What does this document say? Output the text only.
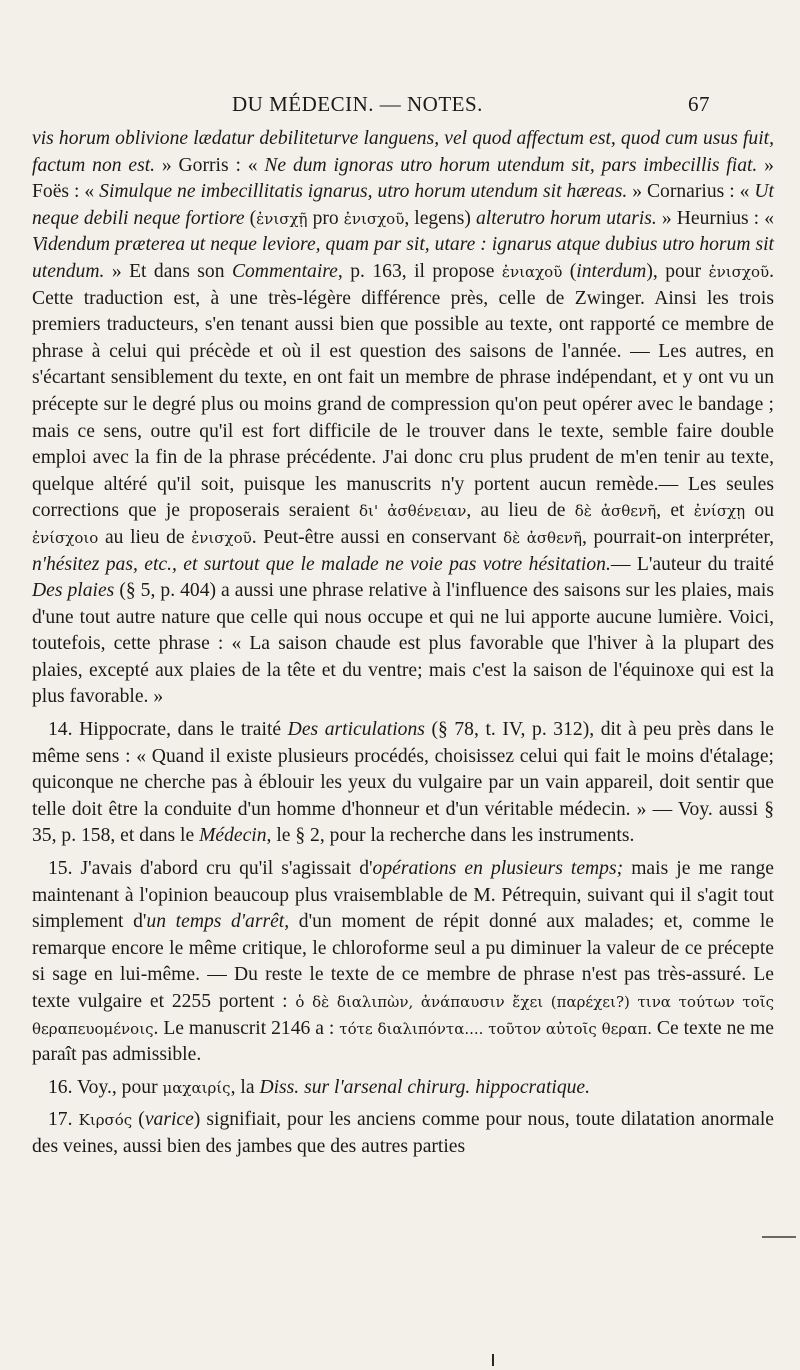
DU MÉDECIN. — NOTES.	67

vis horum oblivione lædatur debiliteturve languens, vel quod affectum est, quod cum usus fuit, factum non est. » Gorris : « Ne dum ignoras utro horum utendum sit, pars imbecillis fiat. » Foës : « Simulque ne imbecillitatis ignarus, utro horum utendum sit hæreas. » Cornarius : « Ut neque debili neque fortiore (ἐνισχῇ pro ἐνισχοῦ, legens) alterutro horum utaris. » Heurnius : « Videndum præterea ut neque leviore, quam par sit, utare : ignarus atque dubius utro horum sit utendum. » Et dans son Commentaire, p. 163, il propose ἐνιαχοῦ (interdum), pour ἐνισχοῦ. Cette traduction est, à une très-légère différence près, celle de Zwinger. Ainsi les trois premiers traducteurs, s'en tenant aussi bien que possible au texte, ont rapporté ce membre de phrase à celui qui précède et où il est question des saisons de l'année. — Les autres, en s'écartant sensiblement du texte, en ont fait un membre de phrase indépendant, et y ont vu un précepte sur le degré plus ou moins grand de compression qu'on peut opérer avec le bandage ; mais ce sens, outre qu'il est fort difficile de le trouver dans le texte, semble faire double emploi avec la fin de la phrase précédente. J'ai donc cru plus prudent de m'en tenir au texte, quelque altéré qu'il soit, puisque les manuscrits n'y portent aucun remède.— Les seules corrections que je proposerais seraient δι' ἀσθένειαν, au lieu de δὲ ἀσθενῆ, et ἐνίσχῃ ou ἐνίσχοιο au lieu de ἐνισχοῦ. Peut-être aussi en conservant δὲ ἀσθενῆ, pourrait-on interpréter, n'hésitez pas, etc., et surtout que le malade ne voie pas votre hésitation.— L'auteur du traité Des plaies (§ 5, p. 404) a aussi une phrase relative à l'influence des saisons sur les plaies, mais d'une tout autre nature que celle qui nous occupe et qui ne lui apporte aucune lumière. Voici, toutefois, cette phrase : « La saison chaude est plus favorable que l'hiver à la plupart des plaies, excepté aux plaies de la tête et du ventre; mais c'est la saison de l'équinoxe qui est la plus favorable. »

14. Hippocrate, dans le traité Des articulations (§ 78, t. IV, p. 312), dit à peu près dans le même sens : « Quand il existe plusieurs procédés, choisissez celui qui fait le moins d'étalage; quiconque ne cherche pas à éblouir les yeux du vulgaire par un vain appareil, doit sentir que telle doit être la conduite d'un homme d'honneur et d'un véritable médecin. » — Voy. aussi § 35, p. 158, et dans le Médecin, le § 2, pour la recherche dans les instruments.

15. J'avais d'abord cru qu'il s'agissait d'opérations en plusieurs temps; mais je me range maintenant à l'opinion beaucoup plus vraisemblable de M. Pétrequin, suivant qui il s'agit tout simplement d'un temps d'arrêt, d'un moment de répit donné aux malades; et, comme le remarque encore le même critique, le chloroforme seul a pu diminuer la valeur de ce précepte si sage en lui-même. — Du reste le texte de ce membre de phrase n'est pas très-assuré. Le texte vulgaire et 2255 portent : ὁ δὲ διαλιπὼν, ἀνάπαυσιν ἔχει (παρέχει?) τινα τούτων τοῖς θεραπευομένοις. Le manuscrit 2146 a : τότε διαλιπόντα.... τοῦτον αὐτοῖς θεραπ. Ce texte ne me paraît pas admissible.

16. Voy., pour μαχαιρίς, la Diss. sur l'arsenal chirurg. hippocratique.

17. Κιρσός (varice) signifiait, pour les anciens comme pour nous, toute dilatation anormale des veines, aussi bien des jambes que des autres parties
